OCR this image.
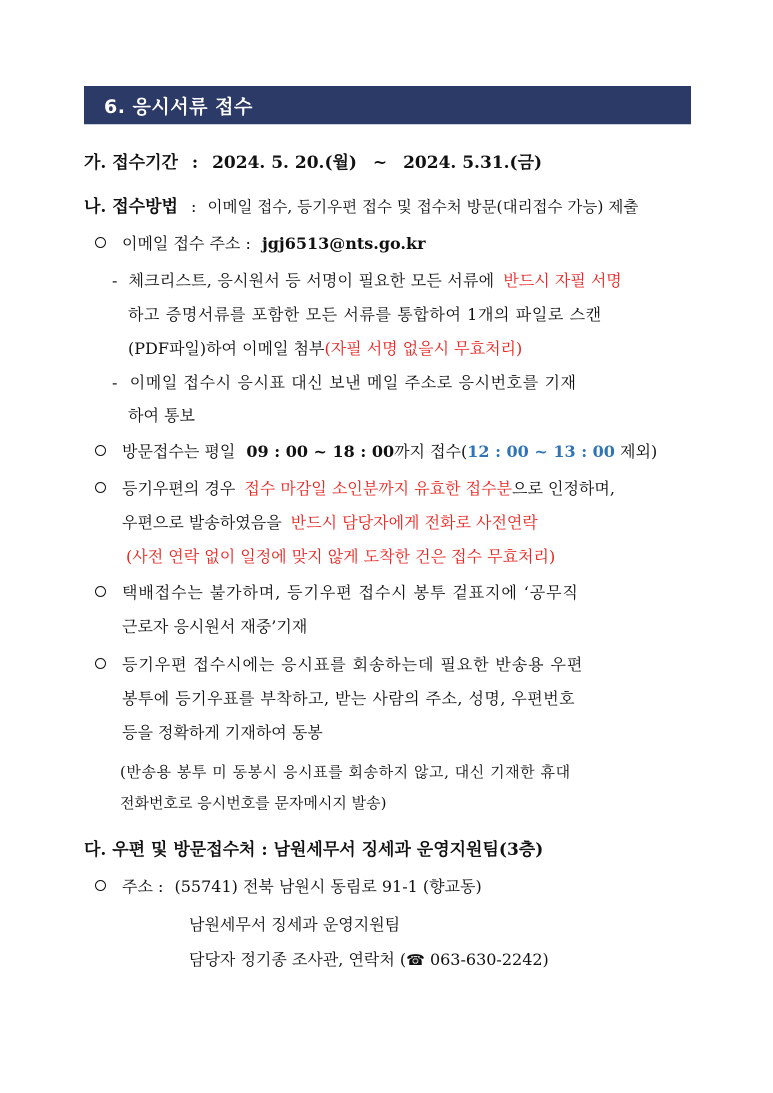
6. 응시서류 접수
가. 접수기간 : 2024. 5. 20.(월) ~ 2024. 5.31.(금)
나. 접수방법 : 이메일 접수, 등기우편 접수 및 접수처 방문(대리접수 가능) 제출
이메일 접수 주소 : jgj6513@nts.go.kr
- 체크리스트, 응시원서 등 서명이 필요한 모든 서류에 반드시 자필 서명
하고 증명서류를 포함한 모든 서류를 통합하여 1개의 파일로 스캔
(PDF파일)하여 이메일 첨부(자필 서명 없을시 무효처리)
- 이메일 접수시 응시표 대신 보낸 메일 주소로 응시번호를 기재
하여 통보
방문접수는 평일 09 : 00 ~ 18 : 00까지 접수(12 : 00 ~ 13 : 00 제외)
등기우편의 경우 접수 마감일 소인분까지 유효한 접수분으로 인정하며,
우편으로 발송하였음을 반드시 담당자에게 전화로 사전연락
(사전 연락 없이 일정에 맞지 않게 도착한 건은 접수 무효처리)
택배접수는 불가하며, 등기우편 접수시 봉투 겉표지에 ‘공무직
근로자 응시원서 재중’기재
등기우편 접수시에는 응시표를 회송하는데 필요한 반송용 우편
봉투에 등기우표를 부착하고, 받는 사람의 주소, 성명, 우편번호
등을 정확하게 기재하여 동봉
(반송용 봉투 미 동봉시 응시표를 회송하지 않고, 대신 기재한 휴대
전화번호로 응시번호를 문자메시지 발송)
다. 우편 및 방문접수처 : 남원세무서 징세과 운영지원팀(3층)
주소 : (55741) 전북 남원시 동림로 91-1 (향교동)
남원세무서 징세과 운영지원팀
담당자 정기종 조사관, 연락처 (☎ 063-630-2242)
